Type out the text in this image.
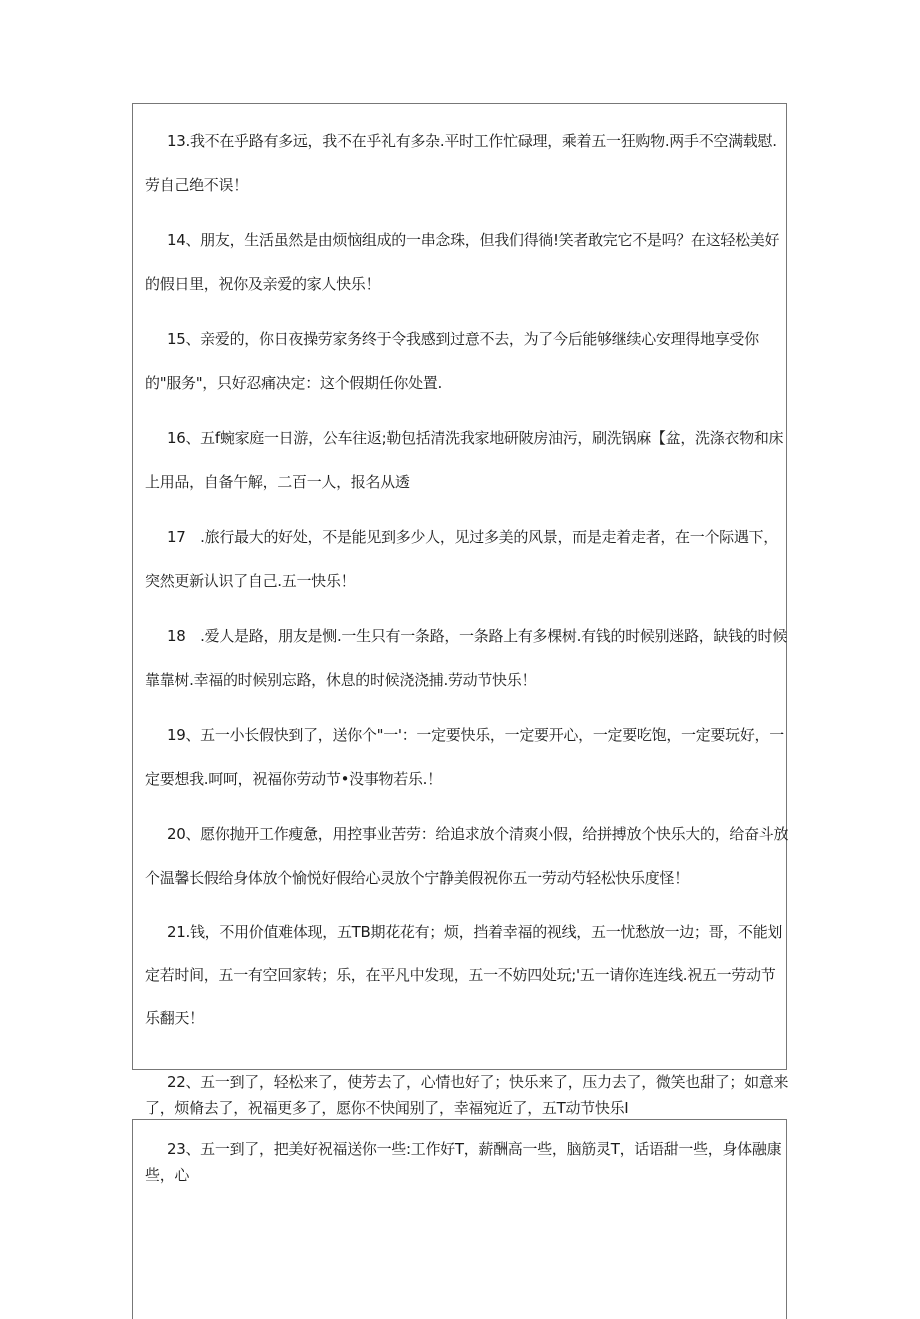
13.我不在乎路有多远，我不在乎礼有多杂.平时工作忙碌理，乘着五一狂购物.两手不空满载慰.劳自己绝不误！

14、朋友，生活虽然是由烦恼组成的一串念珠，但我们得徜!笑者敢完它不是吗？在这轻松美好的假日里，祝你及亲爱的家人快乐！

15、亲爱的，你日夜操劳家务终于令我感到过意不去，为了今后能够继续心安理得地享受你的"服务"，只好忍痛决定：这个假期任你处置.

16、五f蜿家庭一日游，公车往返;勒包括清洗我家地研陂房油污，刷洗锅麻【盆，洗涤衣物和床上用品，自备午解，二百一人，报名从透

17　.旅行最大的好处，不是能见到多少人，见过多美的风景，而是走着走者，在一个际遇下，突然更新认识了自己.五一快乐！

18　.爱人是路，朋友是恻.一生只有一条路，一条路上有多棵树.有钱的时候别迷路，缺钱的时候靠靠树.幸福的时候别忘路，休息的时候浇浇捕.劳动节快乐！

19、五一小长假快到了，送你个"一'：一定要快乐，一定要开心，一定要吃饱，一定要玩好，一定要想我.呵呵，祝福你劳动节•没事物若乐.！

20、愿你抛开工作瘦惫，用控事业苦劳：给追求放个清爽小假，给拼搏放个快乐大的，给奋斗放个温馨长假给身体放个愉悦好假给心灵放个宁静美假祝你五一劳动芍轻松快乐度怪！

21.钱，不用价值难体现，五TB期花花有；烦，挡着幸福的视线，五一忧愁放一边；哥，不能划定若时间，五一有空回家转；乐，在平凡中发现，五一不妨四处玩;'五一请你连连线.祝五一劳动节乐翻天！

22、五一到了，轻松来了，使芳去了，心情也好了；快乐来了，压力去了，微笑也甜了；如意来了，烦脩去了，祝福更多了，愿你不快闻别了，幸福宛近了，五T动节快乐I

23、五一到了，把美好祝福送你一些:工作好T，薪酬高一些，脑筋灵T，话语甜一些，身体融康些，心
